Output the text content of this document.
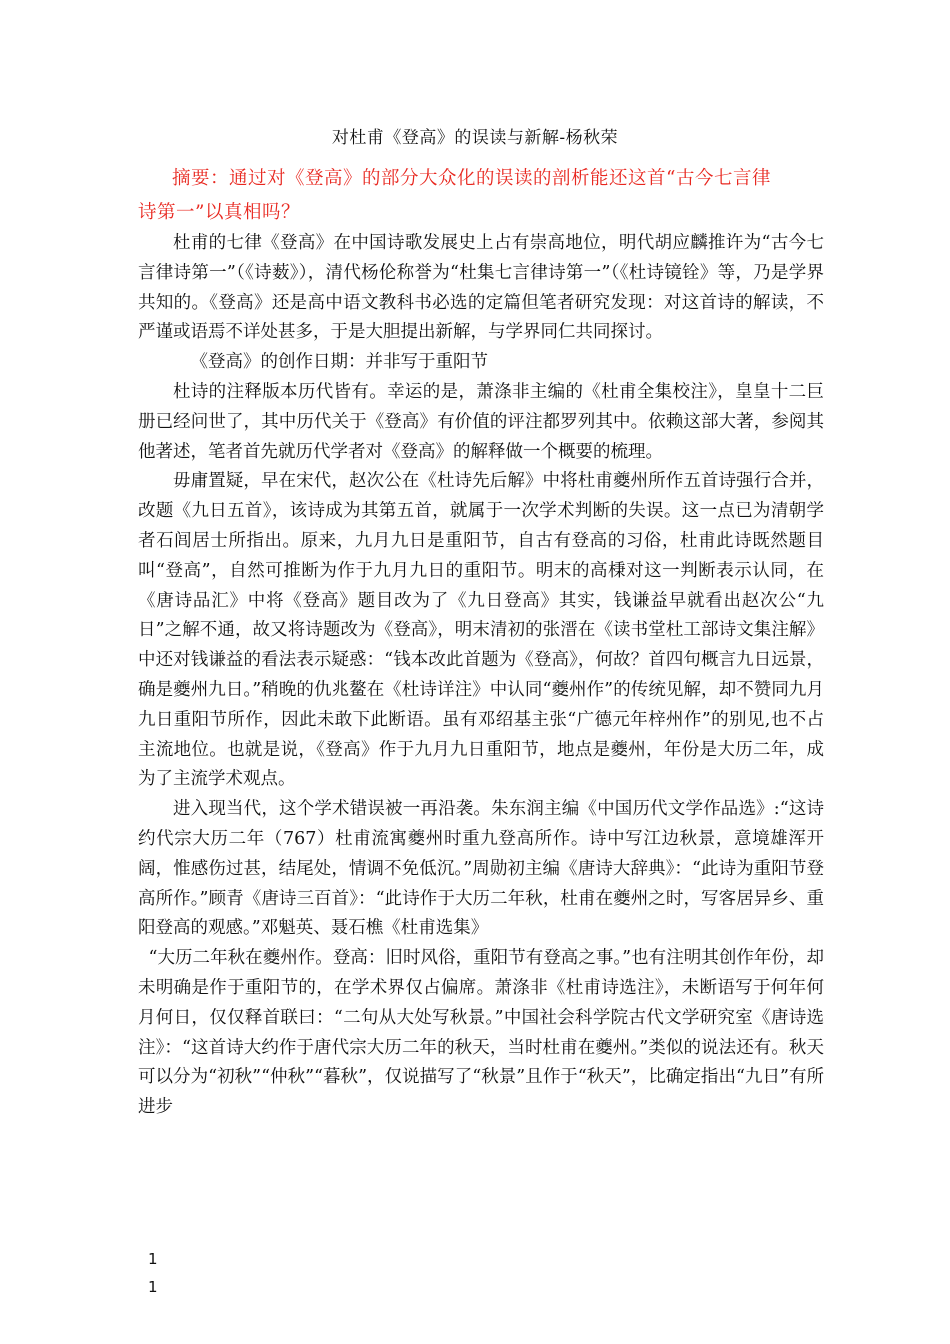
对杜甫《登高》的误读与新解-杨秋荣
摘要：通过对《登高》的部分大众化的误读的剖析能还这首“古今七言律
诗第一”以真相吗？

杜甫的七律《登高》在中国诗歌发展史上占有崇高地位，明代胡应麟推许为“古今七言律诗第一”（《诗薮》），清代杨伦称誉为“杜集七言律诗第一”（《杜诗镜铨》等，乃是学界共知的。《登高》还是高中语文教科书必选的定篇但笔者研究发现：对这首诗的解读，不严谨或语焉不详处甚多，于是大胆提出新解，与学界同仁共同探讨。

《登高》的创作日期：并非写于重阳节

杜诗的注释版本历代皆有。幸运的是，萧涤非主编的《杜甫全集校注》，皇皇十二巨册已经问世了，其中历代关于《登高》有价值的评注都罗列其中。依赖这部大著，参阅其他著述，笔者首先就历代学者对《登高》的解释做一个概要的梳理。

毋庸置疑，早在宋代，赵次公在《杜诗先后解》中将杜甫夔州所作五首诗强行合并，改题《九日五首》，该诗成为其第五首，就属于一次学术判断的失误。这一点已为清朝学者石闾居士所指出。原来，九月九日是重阳节，自古有登高的习俗，杜甫此诗既然题目叫“登高”，自然可推断为作于九月九日的重阳节。明末的高棅对这一判断表示认同，在《唐诗品汇》中将《登高》题目改为了《九日登高》其实，钱谦益早就看出赵次公“九日”之解不通，故又将诗题改为《登高》，明末清初的张溍在《读书堂杜工部诗文集注解》中还对钱谦益的看法表示疑惑：“钱本改此首题为《登高》，何故？首四句概言九日远景，确是夔州九日。”稍晚的仇兆鳌在《杜诗详注》中认同“夔州作”的传统见解，却不赞同九月九日重阳节所作，因此未敢下此断语。虽有邓绍基主张“广德元年梓州作”的别见,也不占主流地位。也就是说，《登高》作于九月九日重阳节，地点是夔州，年份是大历二年，成为了主流学术观点。

进入现当代，这个学术错误被一再沿袭。朱东润主编《中国历代文学作品选》:“这诗约代宗大历二年（767）杜甫流寓夔州时重九登高所作。诗中写江边秋景，意境雄浑开阔，惟感伤过甚，结尾处，情调不免低沉。”周勋初主编《唐诗大辞典》：“此诗为重阳节登高所作。”顾青《唐诗三百首》：“此诗作于大历二年秋，杜甫在夔州之时，写客居异乡、重阳登高的观感。”邓魁英、聂石樵《杜甫选集》

“大历二年秋在夔州作。登高：旧时风俗，重阳节有登高之事。”也有注明其创作年份，却未明确是作于重阳节的，在学术界仅占偏席。萧涤非《杜甫诗选注》，未断语写于何年何月何日，仅仅释首联曰：“二句从大处写秋景。”中国社会科学院古代文学研究室《唐诗选注》：“这首诗大约作于唐代宗大历二年的秋天，当时杜甫在夔州。”类似的说法还有。秋天可以分为“初秋”“仲秋”“暮秋”，仅说描写了“秋景”且作于“秋天”，比确定指出“九日”有所进步

1
1
